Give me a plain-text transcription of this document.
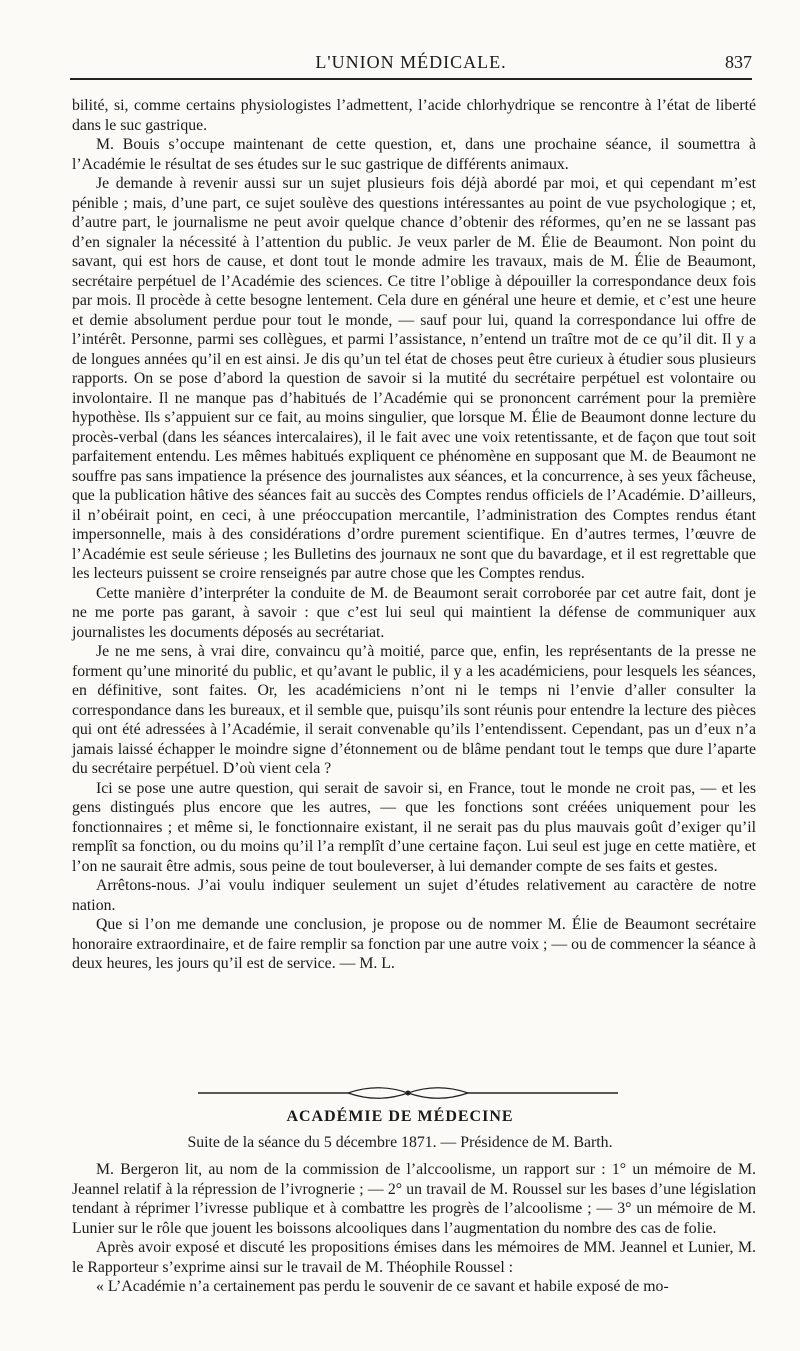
L'UNION MÉDICALE.	837

bilité, si, comme certains physiologistes l’admettent, l’acide chlorhydrique se rencontre à l’état de liberté dans le suc gastrique.

M. Bouis s’occupe maintenant de cette question, et, dans une prochaine séance, il soumettra à l’Académie le résultat de ses études sur le suc gastrique de différents animaux.

Je demande à revenir aussi sur un sujet plusieurs fois déjà abordé par moi, et qui cependant m’est pénible ; mais, d’une part, ce sujet soulève des questions intéressantes au point de vue psychologique ; et, d’autre part, le journalisme ne peut avoir quelque chance d’obtenir des réformes, qu’en ne se lassant pas d’en signaler la nécessité à l’attention du public. Je veux parler de M. Élie de Beaumont. Non point du savant, qui est hors de cause, et dont tout le monde admire les travaux, mais de M. Élie de Beaumont, secrétaire perpétuel de l’Académie des sciences. Ce titre l’oblige à dépouiller la correspondance deux fois par mois. Il procède à cette besogne lentement. Cela dure en général une heure et demie, et c’est une heure et demie absolument perdue pour tout le monde, — sauf pour lui, quand la correspondance lui offre de l’intérêt. Personne, parmi ses collègues, et parmi l’assistance, n’entend un traître mot de ce qu’il dit. Il y a de longues années qu’il en est ainsi. Je dis qu’un tel état de choses peut être curieux à étudier sous plusieurs rapports. On se pose d’abord la question de savoir si la mutité du secrétaire perpétuel est volontaire ou involontaire. Il ne manque pas d’habitués de l’Académie qui se prononcent carrément pour la première hypothèse. Ils s’appuient sur ce fait, au moins singulier, que lorsque M. Élie de Beaumont donne lecture du procès-verbal (dans les séances intercalaires), il le fait avec une voix retentissante, et de façon que tout soit parfaitement entendu. Les mêmes habitués expliquent ce phénomène en supposant que M. de Beaumont ne souffre pas sans impatience la présence des journalistes aux séances, et la concurrence, à ses yeux fâcheuse, que la publication hâtive des séances fait au succès des Comptes rendus officiels de l’Académie. D’ailleurs, il n’obéirait point, en ceci, à une préoccupation mercantile, l’administration des Comptes rendus étant impersonnelle, mais à des considérations d’ordre purement scientifique. En d’autres termes, l’œuvre de l’Académie est seule sérieuse ; les Bulletins des journaux ne sont que du bavardage, et il est regrettable que les lecteurs puissent se croire renseignés par autre chose que les Comptes rendus.

Cette manière d’interpréter la conduite de M. de Beaumont serait corroborée par cet autre fait, dont je ne me porte pas garant, à savoir : que c’est lui seul qui maintient la défense de communiquer aux journalistes les documents déposés au secrétariat.

Je ne me sens, à vrai dire, convaincu qu’à moitié, parce que, enfin, les représentants de la presse ne forment qu’une minorité du public, et qu’avant le public, il y a les académiciens, pour lesquels les séances, en définitive, sont faites. Or, les académiciens n’ont ni le temps ni l’envie d’aller consulter la correspondance dans les bureaux, et il semble que, puisqu’ils sont réunis pour entendre la lecture des pièces qui ont été adressées à l’Académie, il serait convenable qu’ils l’entendissent. Cependant, pas un d’eux n’a jamais laissé échapper le moindre signe d’étonnement ou de blâme pendant tout le temps que dure l’aparte du secrétaire perpétuel. D’où vient cela ?

Ici se pose une autre question, qui serait de savoir si, en France, tout le monde ne croit pas, — et les gens distingués plus encore que les autres, — que les fonctions sont créées uniquement pour les fonctionnaires ; et même si, le fonctionnaire existant, il ne serait pas du plus mauvais goût d’exiger qu’il remplît sa fonction, ou du moins qu’il l’a remplît d’une certaine façon. Lui seul est juge en cette matière, et l’on ne saurait être admis, sous peine de tout bouleverser, à lui demander compte de ses faits et gestes.

Arrêtons-nous. J’ai voulu indiquer seulement un sujet d’études relativement au caractère de notre nation.

Que si l’on me demande une conclusion, je propose ou de nommer M. Élie de Beaumont secrétaire honoraire extraordinaire, et de faire remplir sa fonction par une autre voix ; — ou de commencer la séance à deux heures, les jours qu’il est de service. — M. L.

ACADÉMIE DE MÉDECINE
Suite de la séance du 5 décembre 1871. — Présidence de M. Barth.

M. Bergeron lit, au nom de la commission de l’alccoolisme, un rapport sur : 1° un mémoire de M. Jeannel relatif à la répression de l’ivrognerie ; — 2° un travail de M. Roussel sur les bases d’une législation tendant à réprimer l’ivresse publique et à combattre les progrès de l’alcoolisme ; — 3° un mémoire de M. Lunier sur le rôle que jouent les boissons alcooliques dans l’augmentation du nombre des cas de folie.

Après avoir exposé et discuté les propositions émises dans les mémoires de MM. Jeannel et Lunier, M. le Rapporteur s’exprime ainsi sur le travail de M. Théophile Roussel :

« L’Académie n’a certainement pas perdu le souvenir de ce savant et habile exposé de mo-
